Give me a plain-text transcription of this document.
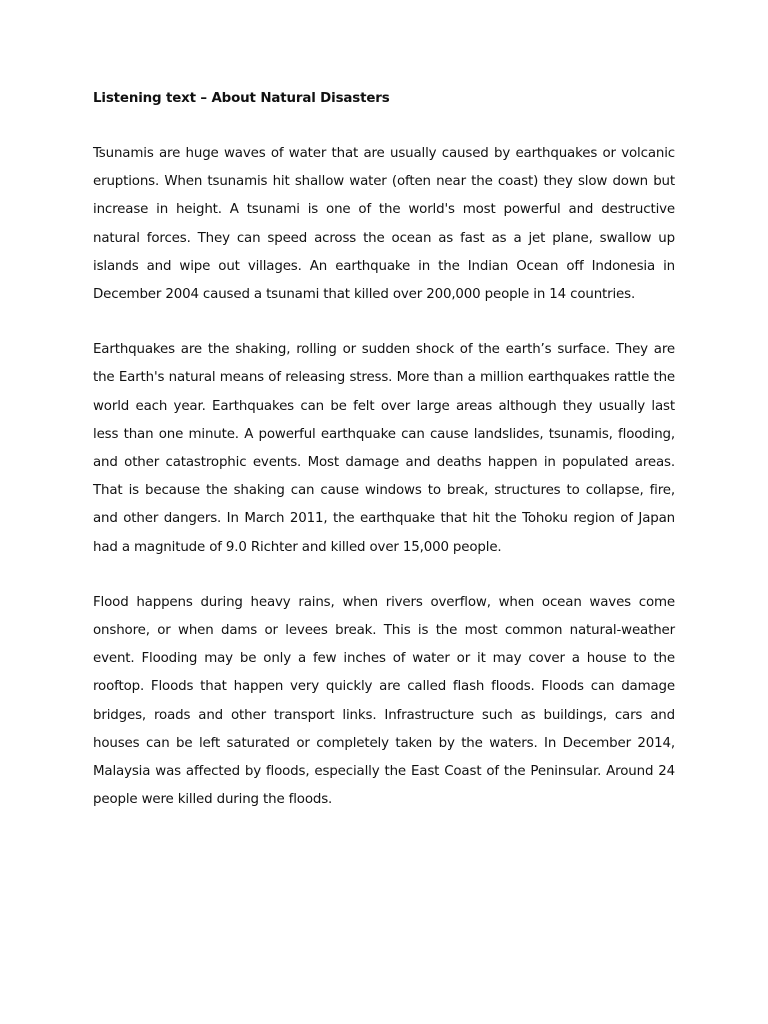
Listening text – About Natural Disasters

Tsunamis are huge waves of water that are usually caused by earthquakes or volcanic eruptions. When tsunamis hit shallow water (often near the coast) they slow down but increase in height. A tsunami is one of the world's most powerful and destructive natural forces. They can speed across the ocean as fast as a jet plane, swallow up islands and wipe out villages. An earthquake in the Indian Ocean off Indonesia in December 2004 caused a tsunami that killed over 200,000 people in 14 countries.

Earthquakes are the shaking, rolling or sudden shock of the earth’s surface. They are the Earth's natural means of releasing stress. More than a million earthquakes rattle the world each year. Earthquakes can be felt over large areas although they usually last less than one minute. A powerful earthquake can cause landslides, tsunamis, flooding, and other catastrophic events. Most damage and deaths happen in populated areas. That is because the shaking can cause windows to break, structures to collapse, fire, and other dangers. In March 2011, the earthquake that hit the Tohoku region of Japan had a magnitude of 9.0 Richter and killed over 15,000 people.

Flood happens during heavy rains, when rivers overflow, when ocean waves come onshore, or when dams or levees break. This is the most common natural-weather event. Flooding may be only a few inches of water or it may cover a house to the rooftop. Floods that happen very quickly are called flash floods. Floods can damage bridges, roads and other transport links. Infrastructure such as buildings, cars and houses can be left saturated or completely taken by the waters. In December 2014, Malaysia was affected by floods, especially the East Coast of the Peninsular. Around 24 people were killed during the floods.
